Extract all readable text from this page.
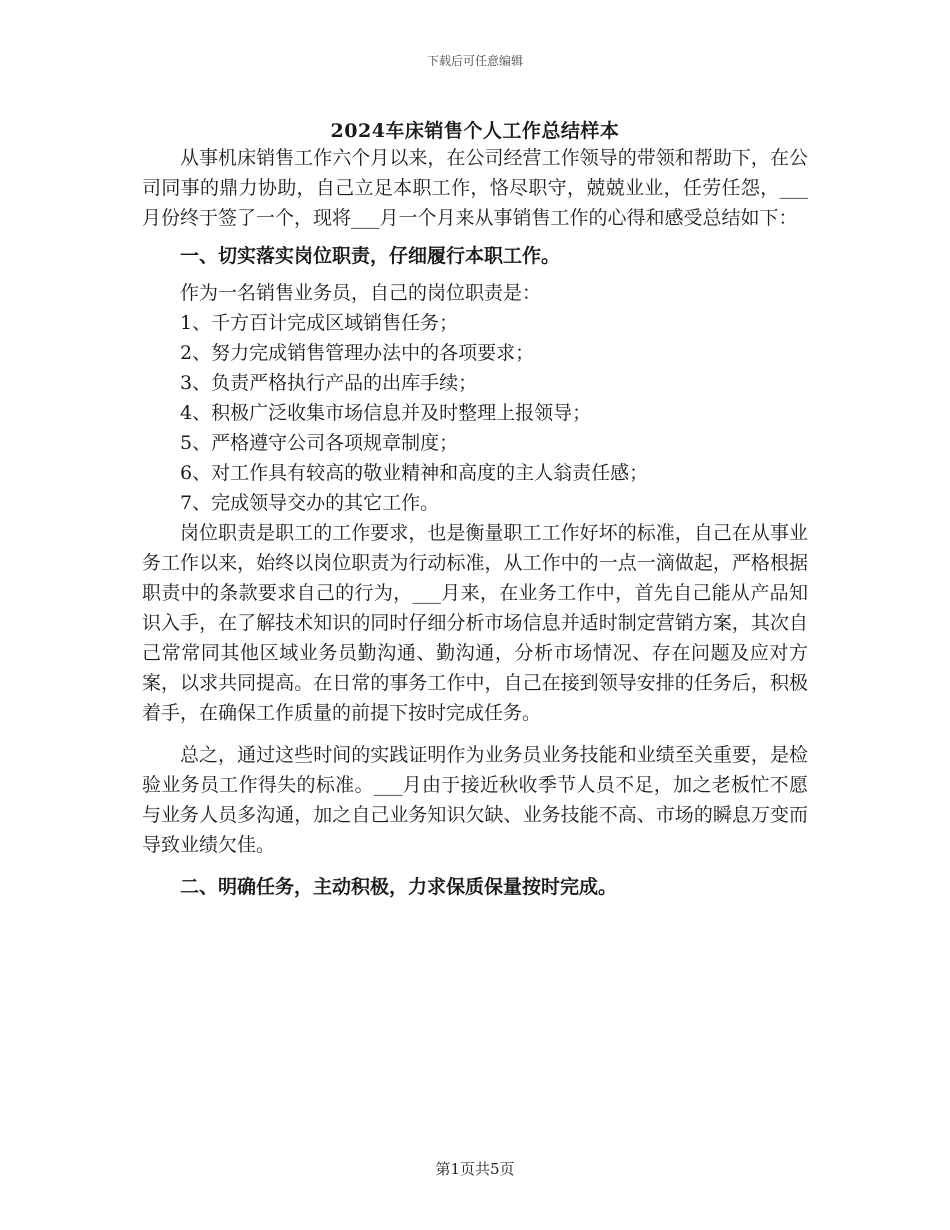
下载后可任意编辑
2024车床销售个人工作总结样本

从事机床销售工作六个月以来，在公司经营工作领导的带领和帮助下，在公司同事的鼎力协助，自己立足本职工作，恪尽职守，兢兢业业，任劳任怨，___月份终于签了一个，现将___月一个月来从事销售工作的心得和感受总结如下：

一、切实落实岗位职责，仔细履行本职工作。

作为一名销售业务员，自己的岗位职责是：

1、千方百计完成区域销售任务；

2、努力完成销售管理办法中的各项要求；

3、负责严格执行产品的出库手续；

4、积极广泛收集市场信息并及时整理上报领导；

5、严格遵守公司各项规章制度；

6、对工作具有较高的敬业精神和高度的主人翁责任感；

7、完成领导交办的其它工作。

岗位职责是职工的工作要求，也是衡量职工工作好坏的标准，自己在从事业务工作以来，始终以岗位职责为行动标准，从工作中的一点一滴做起，严格根据职责中的条款要求自己的行为，___月来，在业务工作中，首先自己能从产品知识入手，在了解技术知识的同时仔细分析市场信息并适时制定营销方案，其次自己常常同其他区域业务员勤沟通、勤沟通，分析市场情况、存在问题及应对方案，以求共同提高。在日常的事务工作中，自己在接到领导安排的任务后，积极着手，在确保工作质量的前提下按时完成任务。

总之，通过这些时间的实践证明作为业务员业务技能和业绩至关重要，是检验业务员工作得失的标准。___月由于接近秋收季节人员不足，加之老板忙不愿与业务人员多沟通，加之自己业务知识欠缺、业务技能不高、市场的瞬息万变而导致业绩欠佳。

二、明确任务，主动积极，力求保质保量按时完成。
第1页共5页
